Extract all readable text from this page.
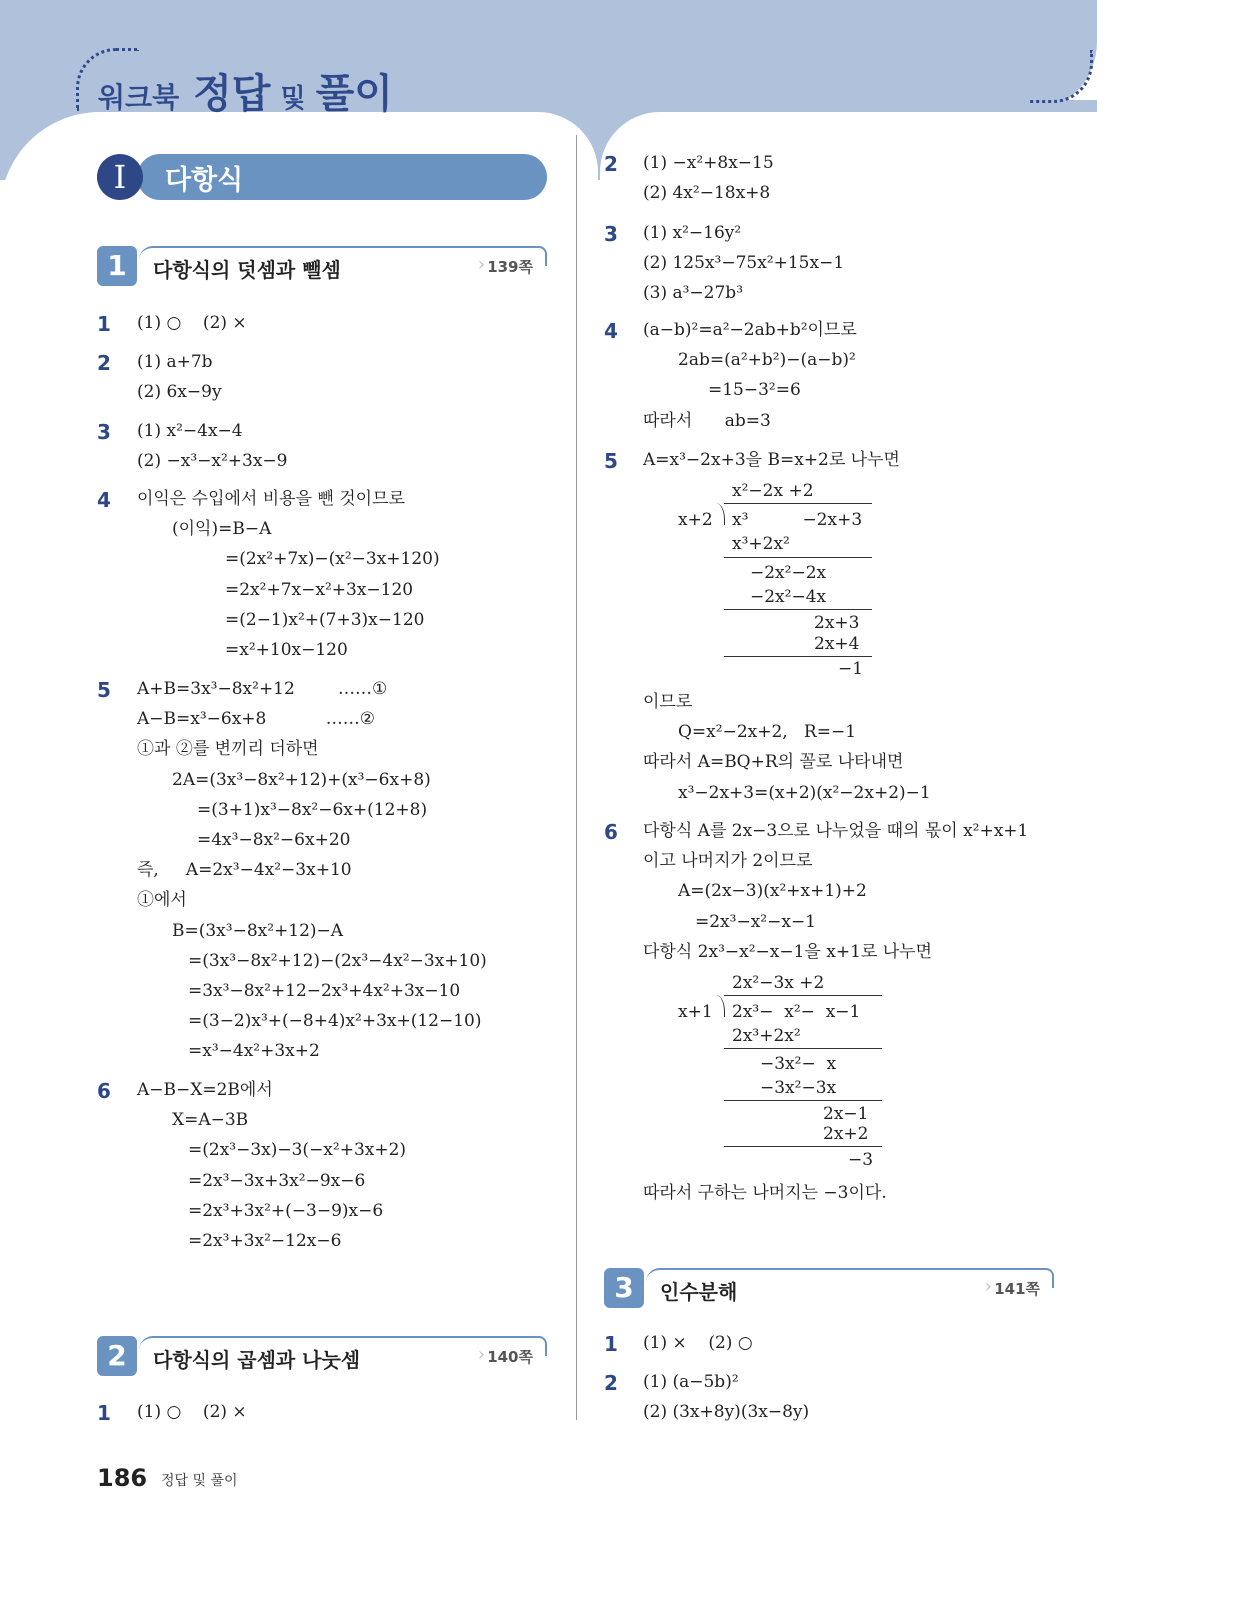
워크북 정답 및 풀이
I	다항식
1	다항식의 덧셈과 뺄셈	› 139쪽
2	다항식의 곱셈과 나눗셈	› 140쪽
3	인수분해	› 141쪽
1 (1) ○    (2) ×
2 (1) a+7b
(2) 6x−9y
3 (1) x²−4x−4
(2) −x³−x²+3x−9
4 이익은 수입에서 비용을 뺀 것이므로
(이익)=B−A
=(2x²+7x)−(x²−3x+120)
=2x²+7x−x²+3x−120
=(2−1)x²+(7+3)x−120
=x²+10x−120
5 A+B=3x³−8x²+12        ……①
A−B=x³−6x+8           ……②
①과 ②를 변끼리 더하면
2A=(3x³−8x²+12)+(x³−6x+8)
=(3+1)x³−8x²−6x+(12+8)
=4x³−8x²−6x+20
즉,     A=2x³−4x²−3x+10
①에서
B=(3x³−8x²+12)−A
=(3x³−8x²+12)−(2x³−4x²−3x+10)
=3x³−8x²+12−2x³+4x²+3x−10
=(3−2)x³+(−8+4)x²+3x+(12−10)
=x³−4x²+3x+2
6 A−B−X=2B에서
X=A−3B
=(2x³−3x)−3(−x²+3x+2)
=2x³−3x+3x²−9x−6
=2x³+3x²+(−3−9)x−6
=2x³+3x²−12x−6
1 (1) ○    (2) ×
2 (1) −x²+8x−15
(2) 4x²−18x+8
3 (1) x²−16y²
(2) 125x³−75x²+15x−1
(3) a³−27b³
4 (a−b)²=a²−2ab+b²이므로
2ab=(a²+b²)−(a−b)²
=15−3²=6
따라서      ab=3
5 A=x³−2x+3을 B=x+2로 나누면
x²−2x +2
x+2 x³          −2x+3
x³+2x²
−2x²−2x
−2x²−4x
2x+3
2x+4
−1
이므로
Q=x²−2x+2,   R=−1
따라서 A=BQ+R의 꼴로 나타내면
x³−2x+3=(x+2)(x²−2x+2)−1
6 다항식 A를 2x−3으로 나누었을 때의 몫이 x²+x+1
이고 나머지가 2이므로
A=(2x−3)(x²+x+1)+2
=2x³−x²−x−1
다항식 2x³−x²−x−1을 x+1로 나누면
2x²−3x +2
x+1 2x³−  x²−  x−1
2x³+2x²
−3x²−  x
−3x²−3x
2x−1
2x+2
−3
따라서 구하는 나머지는 −3이다.
1 (1) ×    (2) ○
2 (1) (a−5b)²
(2) (3x+8y)(3x−8y)
186 정답 및 풀이
